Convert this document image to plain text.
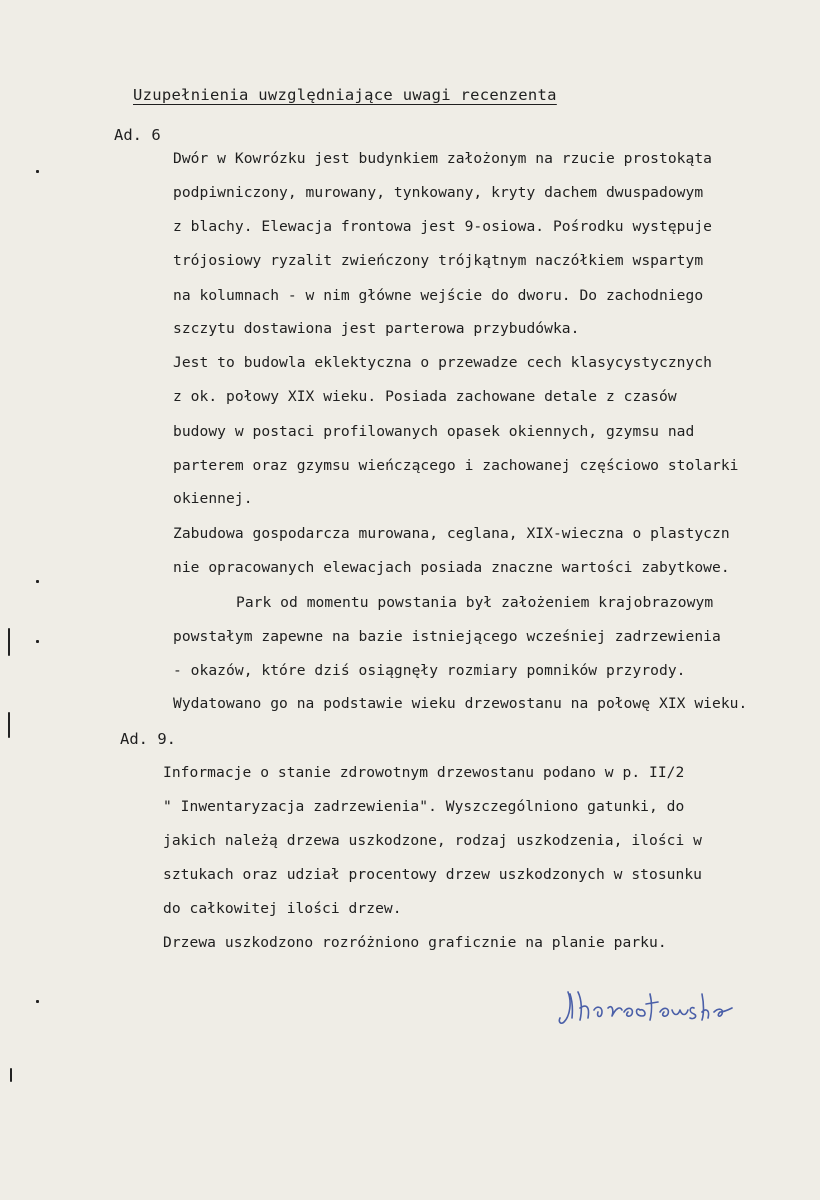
Uzupełnienia uwzględniające uwagi recenzenta
Ad. 6
Dwór w Kowrózku jest budynkiem założonym na rzucie prostokąta
podpiwniczony, murowany, tynkowany, kryty dachem dwuspadowym
z blachy. Elewacja frontowa jest 9-osiowa. Pośrodku występuje
trójosiowy ryzalit zwieńczony trójkątnym naczółkiem wspartym
na kolumnach - w nim główne wejście do dworu. Do zachodniego
szczytu dostawiona jest parterowa przybudówka.
Jest to budowla eklektyczna o przewadze cech klasycystycznych
z ok. połowy XIX wieku. Posiada zachowane detale z czasów
budowy w postaci profilowanych opasek okiennych, gzymsu nad
parterem oraz gzymsu wieńczącego i zachowanej częściowo stolarki
okiennej.
Zabudowa gospodarcza murowana, ceglana, XIX-wieczna o plastyczn
nie opracowanych elewacjach posiada znaczne wartości zabytkowe.
Park od momentu powstania był założeniem krajobrazowym
powstałym zapewne na bazie istniejącego wcześniej zadrzewienia
- okazów, które dziś osiągnęły rozmiary pomników przyrody.
Wydatowano go na podstawie wieku drzewostanu na połowę XIX wieku.
Ad. 9.
Informacje o stanie zdrowotnym drzewostanu podano w p. II/2
" Inwentaryzacja zadrzewienia". Wyszczególniono gatunki, do
jakich należą drzewa uszkodzone, rodzaj uszkodzenia, ilości w
sztukach oraz udział procentowy drzew uszkodzonych w stosunku
do całkowitej ilości drzew.
Drzewa uszkodzono rozróżniono graficznie na planie parku.
